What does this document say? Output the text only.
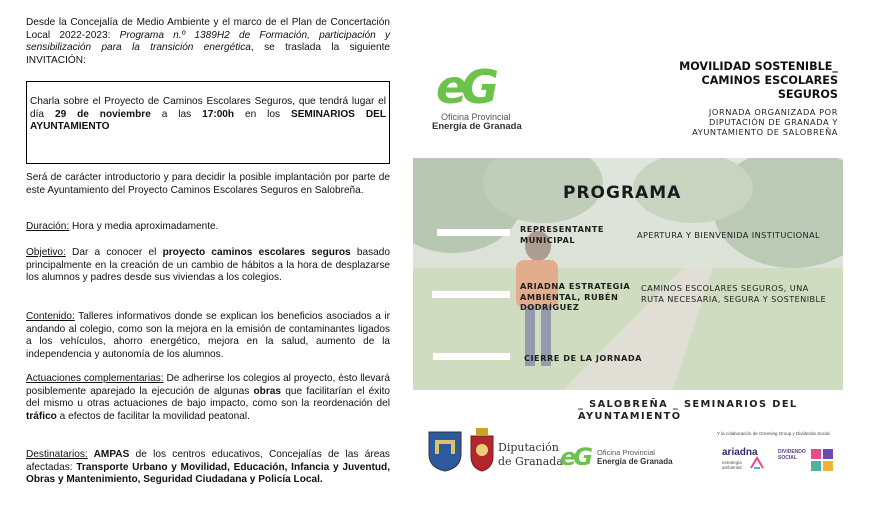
Desde la Concejalía de Medio Ambiente y el marco de el Plan de Concertación Local 2022-2023: Programa n.º 1389H2 de Formación, participación y sensibilización para la transición energética, se traslada la siguiente INVITACIÓN:

Charla sobre el Proyecto de Caminos Escolares Seguros, que tendrá lugar el día 29 de noviembre a las 17:00h en los SEMINARIOS DEL AYUNTAMIENTO

Será de carácter introductorio y para decidir la posible implantación por parte de este Ayuntamiento del Proyecto Caminos Escolares Seguros en Salobreña.

Duración: Hora y media aproximadamente.

Objetivo: Dar a conocer el proyecto caminos escolares seguros basado principalmente en la creación de un cambio de hábitos a la hora de desplazarse los alumnos y padres desde sus viviendas a los colegios.

Contenido: Talleres informativos donde se explican los beneficios asociados a ir andando al colegio, como son la mejora en la emisión de contaminantes ligados a los vehículos, ahorro energético, mejora en la salud, aumento de la independencia y autonomía de los alumnos.

Actuaciones complementarias: De adherirse los colegios al proyecto, ésto llevará posiblemente aparejado la ejecución de algunas obras que facilitarían el éxito del mismo u otras actuaciones de bajo impacto, como son la reordenación del tráfico a efectos de facilitar la movilidad peatonal.

Destinatarios: AMPAS de los centros educativos, Concejalías de las áreas afectadas: Transporte Urbano y Movilidad, Educación, Infancia y Juventud, Obras y Mantenimiento, Seguridad Ciudadana y Policía Local.

eG
Oficina Provincial
Energía de Granada
MOVILIDAD SOSTENIBLE_
CAMINOS ESCOLARES
SEGUROS
JORNADA ORGANIZADA POR
DIPUTACIÓN DE GRANADA Y
AYUNTAMIENTO DE SALOBREÑA
PROGRAMA
REPRESENTANTE
MUNICIPAL	APERTURA Y BIENVENIDA INSTITUCIONAL
ARIADNA ESTRATEGIA
AMBIENTAL, RUBÉN
DODRÍGUEZ
CAMINOS ESCOLARES SEGUROS, UNA
RUTA NECESARIA, SEGURA Y SOSTENIBLE
CIERRE DE LA JORNADA
_ SALOBREÑA _ SEMINARIOS DEL
AYUNTAMIENTO
Y la colaboración de Greening Group y Dividendo Social
Diputación
de Granada
eG Oficina Provincial
Energía de Granada
ariadna
estrategia ambiental
DIVIDENDO SOCIAL
